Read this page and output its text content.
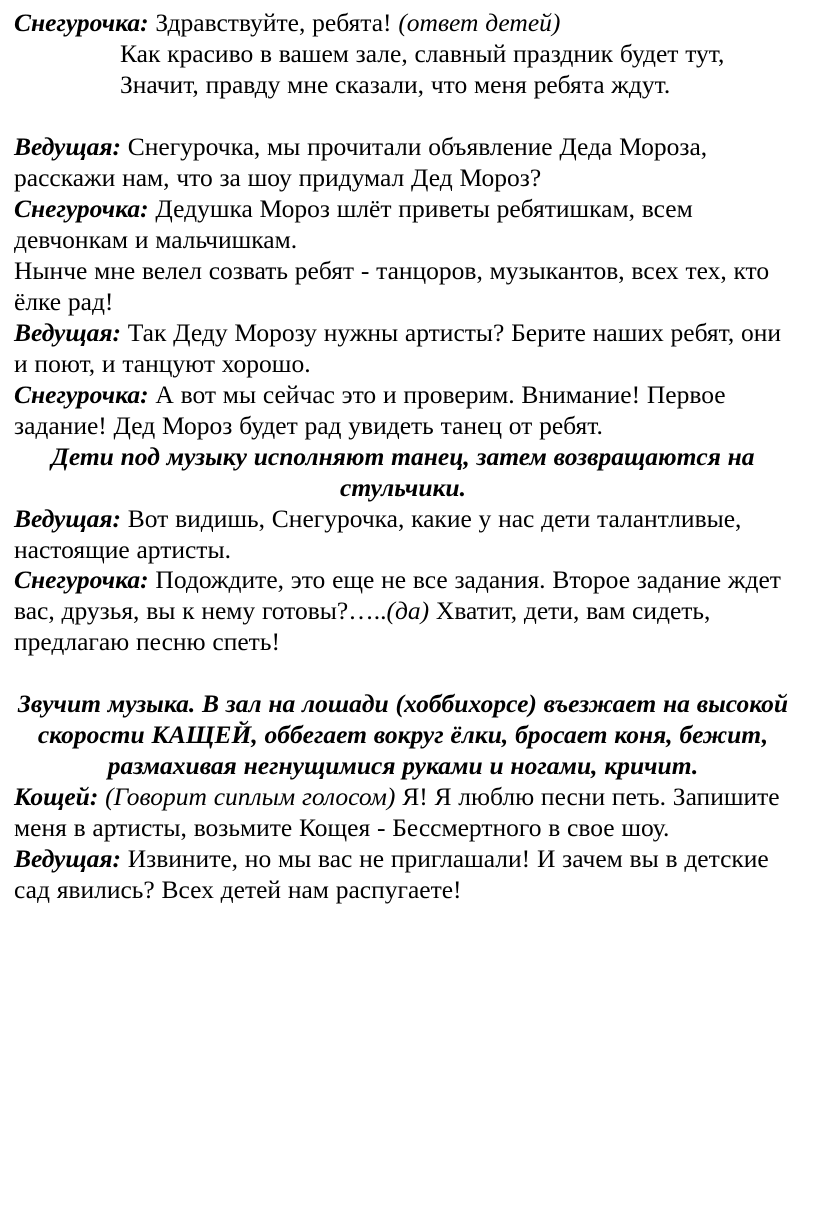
Снегурочка: Здравствуйте, ребята! (ответ детей)

Как красиво в вашем зале, славный праздник будет тут,

Значит, правду мне сказали, что меня ребята ждут.

Ведущая: Снегурочка, мы прочитали объявление Деда Мороза, расскажи нам, что за шоу придумал Дед Мороз?

Снегурочка: Дедушка Мороз шлёт приветы ребятишкам, всем девчонкам и мальчишкам.

Нынче мне велел созвать ребят - танцоров, музыкантов, всех тех, кто ёлке рад!

Ведущая: Так Деду Морозу нужны артисты? Берите наших ребят, они и поют, и танцуют хорошо.

Снегурочка: А вот мы сейчас это и проверим. Внимание! Первое задание! Дед Мороз будет рад увидеть танец от ребят.

Дети под музыку исполняют танец, затем возвращаются на стульчики.

Ведущая: Вот видишь, Снегурочка, какие у нас дети талантливые, настоящие артисты.

Снегурочка: Подождите, это еще не все задания. Второе задание ждет вас, друзья, вы к нему готовы?…..(да) Хватит, дети, вам сидеть, предлагаю песню спеть!

Звучит музыка. В зал на лошади (хоббихорсе) въезжает на высокой скорости КАЩЕЙ, оббегает вокруг ёлки, бросает коня, бежит, размахивая негнущимися руками и ногами, кричит.

Кощей: (Говорит сиплым голосом) Я! Я люблю песни петь. Запишите меня в артисты, возьмите Кощея - Бессмертного в свое шоу.

Ведущая: Извините, но мы вас не приглашали! И зачем вы в детские сад явились? Всех детей нам распугаете!
